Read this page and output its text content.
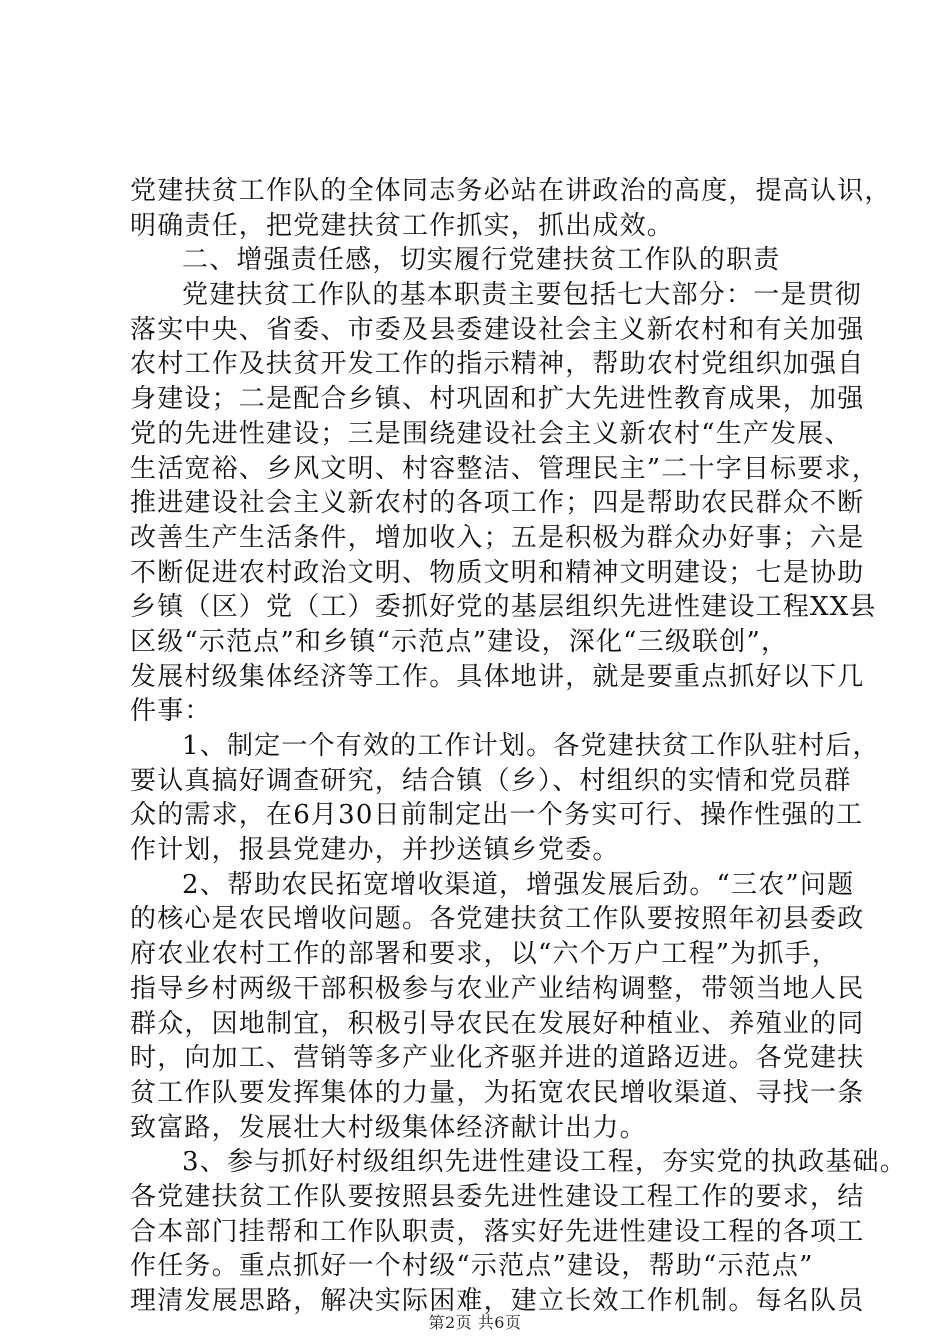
党建扶贫工作队的全体同志务必站在讲政治的高度，提高认识，
明确责任，把党建扶贫工作抓实，抓出成效。
二、增强责任感，切实履行党建扶贫工作队的职责
党建扶贫工作队的基本职责主要包括七大部分：一是贯彻
落实中央、省委、市委及县委建设社会主义新农村和有关加强
农村工作及扶贫开发工作的指示精神，帮助农村党组织加强自
身建设；二是配合乡镇、村巩固和扩大先进性教育成果，加强
党的先进性建设；三是围绕建设社会主义新农村“生产发展、
生活宽裕、乡风文明、村容整洁、管理民主”二十字目标要求，
推进建设社会主义新农村的各项工作；四是帮助农民群众不断
改善生产生活条件，增加收入；五是积极为群众办好事；六是
不断促进农村政治文明、物质文明和精神文明建设；七是协助
乡镇（区）党（工）委抓好党的基层组织先进性建设工程XX县
区级“示范点”和乡镇“示范点”建设，深化“三级联创”，
发展村级集体经济等工作。具体地讲，就是要重点抓好以下几
件事：
1、制定一个有效的工作计划。各党建扶贫工作队驻村后，
要认真搞好调查研究，结合镇（乡）、村组织的实情和党员群
众的需求，在6月30日前制定出一个务实可行、操作性强的工
作计划，报县党建办，并抄送镇乡党委。
2、帮助农民拓宽增收渠道，增强发展后劲。“三农”问题
的核心是农民增收问题。各党建扶贫工作队要按照年初县委政
府农业农村工作的部署和要求，以“六个万户工程”为抓手，
指导乡村两级干部积极参与农业产业结构调整，带领当地人民
群众，因地制宜，积极引导农民在发展好种植业、养殖业的同
时，向加工、营销等多产业化齐驱并进的道路迈进。各党建扶
贫工作队要发挥集体的力量，为拓宽农民增收渠道、寻找一条
致富路，发展壮大村级集体经济献计出力。
3、参与抓好村级组织先进性建设工程，夯实党的执政基础。
各党建扶贫工作队要按照县委先进性建设工程工作的要求，结
合本部门挂帮和工作队职责，落实好先进性建设工程的各项工
作任务。重点抓好一个村级“示范点”建设，帮助“示范点”
理清发展思路，解决实际困难，建立长效工作机制。每名队员
第2页 共6页
